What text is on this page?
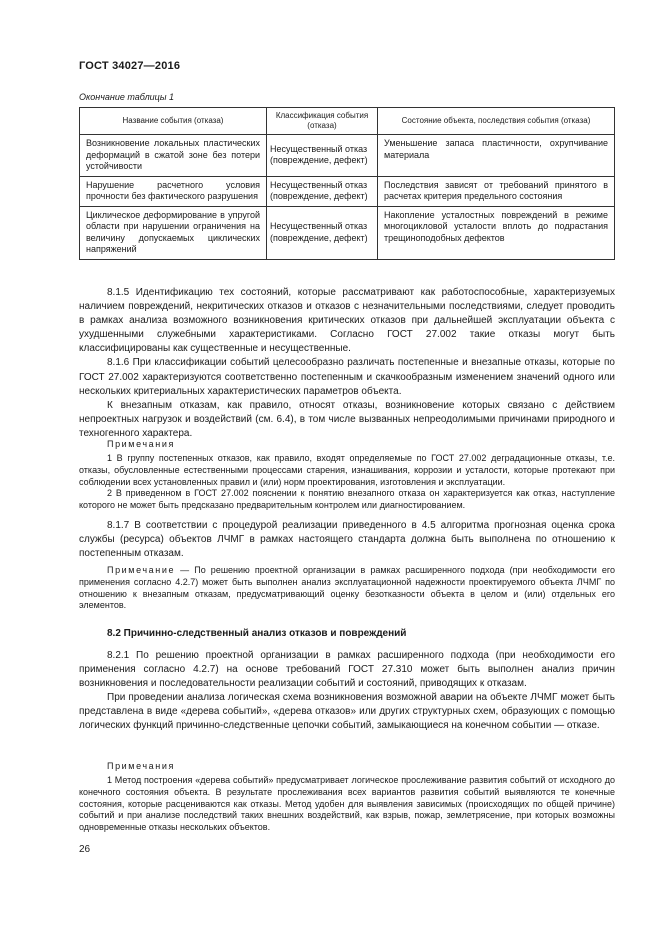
ГОСТ 34027—2016
Окончание таблицы 1
Название события (отказа)	Классификация события (отказа)	Состояние объекта, последствия события (отказа)
Возникновение локальных пластических деформаций в сжатой зоне без потери устойчивости	Несущественный отказ (повреждение, дефект)	Уменьшение запаса пластичности, охрупчивание материала
Нарушение расчетного условия прочности без фактического разрушения	Несущественный отказ (повреждение, дефект)	Последствия зависят от требований принятого в расчетах критерия предельного состояния
Циклическое деформирование в упругой области при нарушении ограничения на величину допускаемых циклических напряжений	Несущественный отказ (повреждение, дефект)	Накопление усталостных повреждений в режиме многоцикловой усталости вплоть до подрастания трещиноподобных дефектов

8.1.5 Идентификацию тех состояний, которые рассматривают как работоспособные, характеризуемых наличием повреждений, некритических отказов и отказов с незначительными последствиями, следует проводить в рамках анализа возможного возникновения критических отказов при дальнейшей эксплуатации объекта с ухудшенными служебными характеристиками. Согласно ГОСТ 27.002 такие отказы могут быть классифицированы как существенные и несущественные.

8.1.6 При классификации событий целесообразно различать постепенные и внезапные отказы, которые по ГОСТ 27.002 характеризуются соответственно постепенным и скачкообразным изменением значений одного или нескольких критериальных характеристических параметров объекта.

К внезапным отказам, как правило, относят отказы, возникновение которых связано с действием непроектных нагрузок и воздействий (см. 6.4), в том числе вызванных непреодолимыми причинами природного и техногенного характера.

Примечания

1 В группу постепенных отказов, как правило, входят определяемые по ГОСТ 27.002 деградационные отказы, т.е. отказы, обусловленные естественными процессами старения, изнашивания, коррозии и усталости, которые протекают при соблюдении всех установленных правил и (или) норм проектирования, изготовления и эксплуатации.

2 В приведенном в ГОСТ 27.002 пояснении к понятию внезапного отказа он характеризуется как отказ, наступление которого не может быть предсказано предварительным контролем или диагностированием.

8.1.7 В соответствии с процедурой реализации приведенного в 4.5 алгоритма прогнозная оценка срока службы (ресурса) объектов ЛЧМГ в рамках настоящего стандарта должна быть выполнена по отношению к постепенным отказам.

Примечание — По решению проектной организации в рамках расширенного подхода (при необходимости его применения согласно 4.2.7) может быть выполнен анализ эксплуатационной надежности проектируемого объекта ЛЧМГ по отношению к внезапным отказам, предусматривающий оценку безотказности объекта в целом и (или) отдельных его элементов.

8.2 Причинно-следственный анализ отказов и повреждений

8.2.1 По решению проектной организации в рамках расширенного подхода (при необходимости его применения согласно 4.2.7) на основе требований ГОСТ 27.310 может быть выполнен анализ причин возникновения и последовательности реализации событий и состояний, приводящих к отказам.

При проведении анализа логическая схема возникновения возможной аварии на объекте ЛЧМГ может быть представлена в виде «дерева событий», «дерева отказов» или других структурных схем, образующих с помощью логических функций причинно-следственные цепочки событий, замыкающиеся на конечном событии — отказе.

Примечания

1 Метод построения «дерева событий» предусматривает логическое прослеживание развития событий от исходного до конечного состояния объекта. В результате прослеживания всех вариантов развития событий выявляются те конечные состояния, которые расцениваются как отказы. Метод удобен для выявления зависимых (происходящих по общей причине) событий и при анализе последствий таких внешних воздействий, как взрыв, пожар, землетрясение, при которых возможны одновременные отказы нескольких объектов.

26
